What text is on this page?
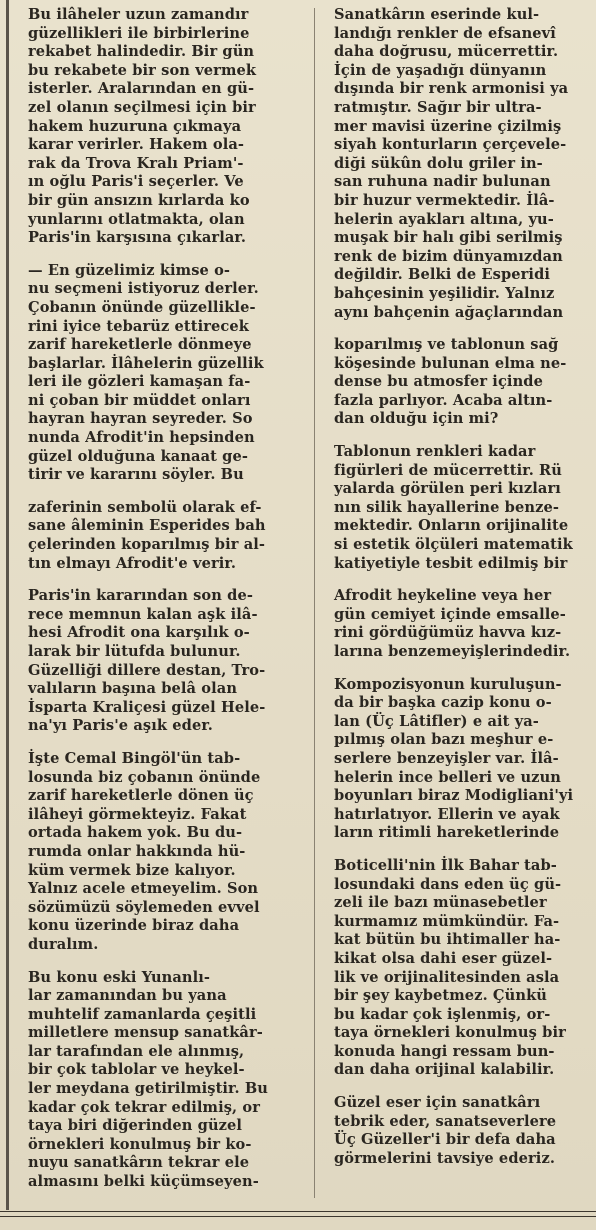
Bu ilâheler uzun zamandır
güzellikleri ile birbirlerine
rekabet halindedir. Bir gün
bu rekabete bir son vermek
isterler. Aralarından en gü-
zel olanın seçilmesi için bir
hakem huzuruna çıkmaya
karar verirler. Hakem ola-
rak da Trova Kralı Priam'-
ın oğlu Paris'i seçerler. Ve
bir gün ansızın kırlarda ko
yunlarını otlatmakta, olan
Paris'in karşısına çıkarlar.

— En güzelimiz kimse o-
nu seçmeni istiyoruz derler.
Çobanın önünde güzellikle-
rini iyice tebarüz ettirecek
zarif hareketlerle dönmeye
başlarlar. İlâhelerin güzellik
leri ile gözleri kamaşan fa-
ni çoban bir müddet onları
hayran hayran seyreder. So
nunda Afrodit'in hepsinden
güzel olduğuna kanaat ge-
tirir ve kararını söyler. Bu

zaferinin sembolü olarak ef-
sane âleminin Esperides bah
çelerinden koparılmış bir al-
tın elmayı Afrodit'e verir.

Paris'in kararından son de-
rece memnun kalan aşk ilâ-
hesi Afrodit ona karşılık o-
larak bir lütufda bulunur.
Güzelliği dillere destan, Tro-
valıların başına belâ olan
İsparta Kraliçesi güzel Hele-
na'yı Paris'e aşık eder.

İşte Cemal Bingöl'ün tab-
losunda biz çobanın önünde
zarif hareketlerle dönen üç
ilâheyi görmekteyiz. Fakat
ortada hakem yok. Bu du-
rumda onlar hakkında hü-
küm vermek bize kalıyor.
Yalnız acele etmeyelim. Son
sözümüzü söylemeden evvel
konu üzerinde biraz daha
duralım.

Bu konu eski Yunanlı-
lar zamanından bu yana
muhtelif zamanlarda çeşitli
milletlere mensup sanatkâr-
lar tarafından ele alınmış,
bir çok tablolar ve heykel-
ler meydana getirilmiştir. Bu
kadar çok tekrar edilmiş, or
taya biri diğerinden güzel
örnekleri konulmuş bir ko-
nuyu sanatkârın tekrar ele
almasını belki küçümseyen-

Sanatkârın eserinde kul-
landığı renkler de efsanevî
daha doğrusu, mücerrettir.
İçin de yaşadığı dünyanın
dışında bir renk armonisi ya
ratmıştır. Sağır bir ultra-
mer mavisi üzerine çizilmiş
siyah konturların çerçevele-
diği sükûn dolu griler in-
san ruhuna nadir bulunan
bir huzur vermektedir. İlâ-
helerin ayakları altına, yu-
muşak bir halı gibi serilmiş
renk de bizim dünyamızdan
değildir. Belki de Esperidi
bahçesinin yeşilidir. Yalnız
aynı bahçenin ağaçlarından

koparılmış ve tablonun sağ
köşesinde bulunan elma ne-
dense bu atmosfer içinde
fazla parlıyor. Acaba altın-
dan olduğu için mi?

Tablonun renkleri kadar
figürleri de mücerrettir. Rü
yalarda görülen peri kızları
nın silik hayallerine benze-
mektedir. Onların orijinalite
si estetik ölçüleri matematik
katiyetiyle tesbit edilmiş bir

Afrodit heykeline veya her
gün cemiyet içinde emsalle-
rini gördüğümüz havva kız-
larına benzemeyişlerindedir.

Kompozisyonun kuruluşun-
da bir başka cazip konu o-
lan (Üç Lâtifler) e ait ya-
pılmış olan bazı meşhur e-
serlere benzeyişler var. İlâ-
helerin ince belleri ve uzun
boyunları biraz Modigliani'yi
hatırlatıyor. Ellerin ve ayak
ların ritimli hareketlerinde

Boticelli'nin İlk Bahar tab-
losundaki dans eden üç gü-
zeli ile bazı münasebetler
kurmamız mümkündür. Fa-
kat bütün bu ihtimaller ha-
kikat olsa dahi eser güzel-
lik ve orijinalitesinden asla
bir şey kaybetmez. Çünkü
bu kadar çok işlenmiş, or-
taya örnekleri konulmuş bir
konuda hangi ressam bun-
dan daha orijinal kalabilir.

Güzel eser için sanatkârı
tebrik eder, sanatseverlere
Üç Güzeller'i bir defa daha
görmelerini tavsiye ederiz.
